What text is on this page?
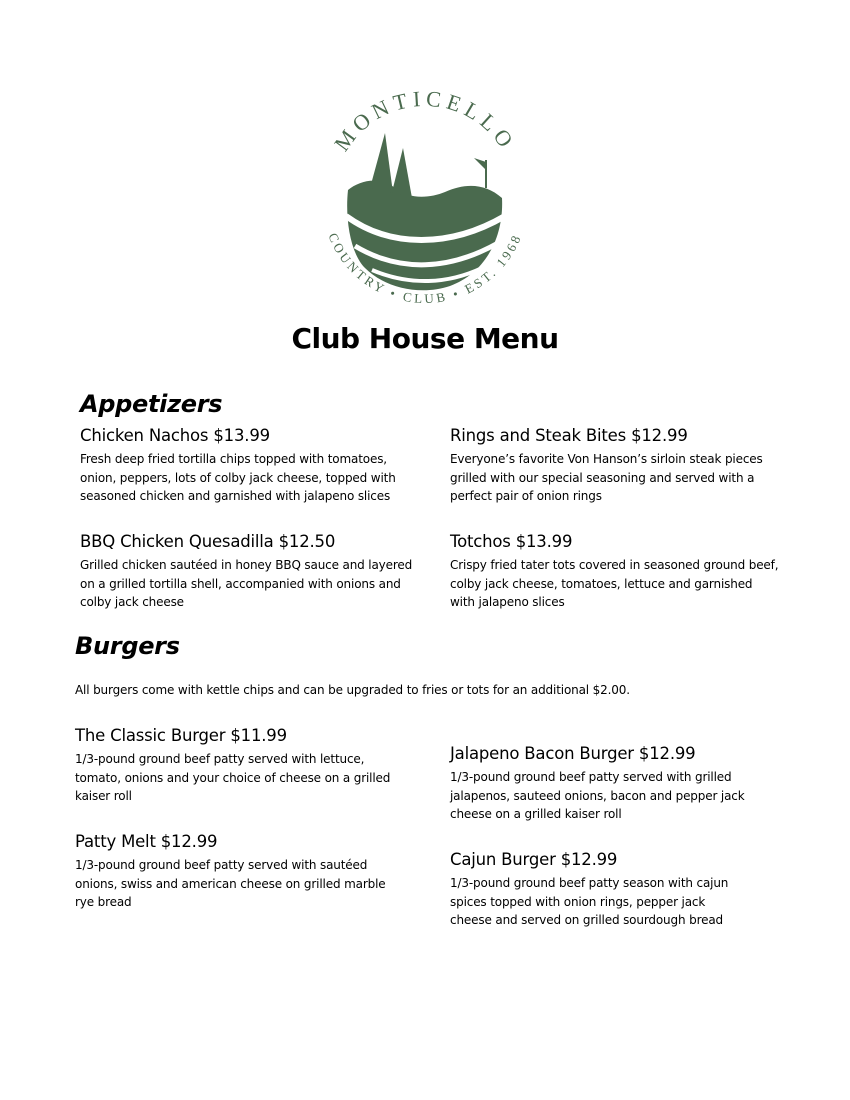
MONTICELLO
COUNTRY • CLUB • EST. 1968
Club House Menu
Appetizers

Chicken Nachos $13.99

Fresh deep fried tortilla chips topped with tomatoes, onion, peppers, lots of colby jack cheese, topped with seasoned chicken and garnished with jalapeno slices

Rings and Steak Bites $12.99

Everyone’s favorite Von Hanson’s sirloin steak pieces grilled with our special seasoning and served with a perfect pair of onion rings

BBQ Chicken Quesadilla $12.50

Grilled chicken sautéed in honey BBQ sauce and layered on a grilled tortilla shell, accompanied with onions and colby jack cheese

Totchos $13.99

Crispy fried tater tots covered in seasoned ground beef, colby jack cheese, tomatoes, lettuce and garnished with jalapeno slices

Burgers

All burgers come with kettle chips and can be upgraded to fries or tots for an additional $2.00.

The Classic Burger $11.99

1/3-pound ground beef patty served with lettuce, tomato, onions and your choice of cheese on a grilled kaiser roll

Jalapeno Bacon Burger $12.99

1/3-pound ground beef patty served with grilled jalapenos, sauteed onions, bacon and pepper jack cheese on a grilled kaiser roll

Patty Melt $12.99

1/3-pound ground beef patty served with sautéed onions, swiss and american cheese on grilled marble rye bread

Cajun Burger $12.99

1/3-pound ground beef patty season with cajun spices topped with onion rings, pepper jack cheese and served on grilled sourdough bread
